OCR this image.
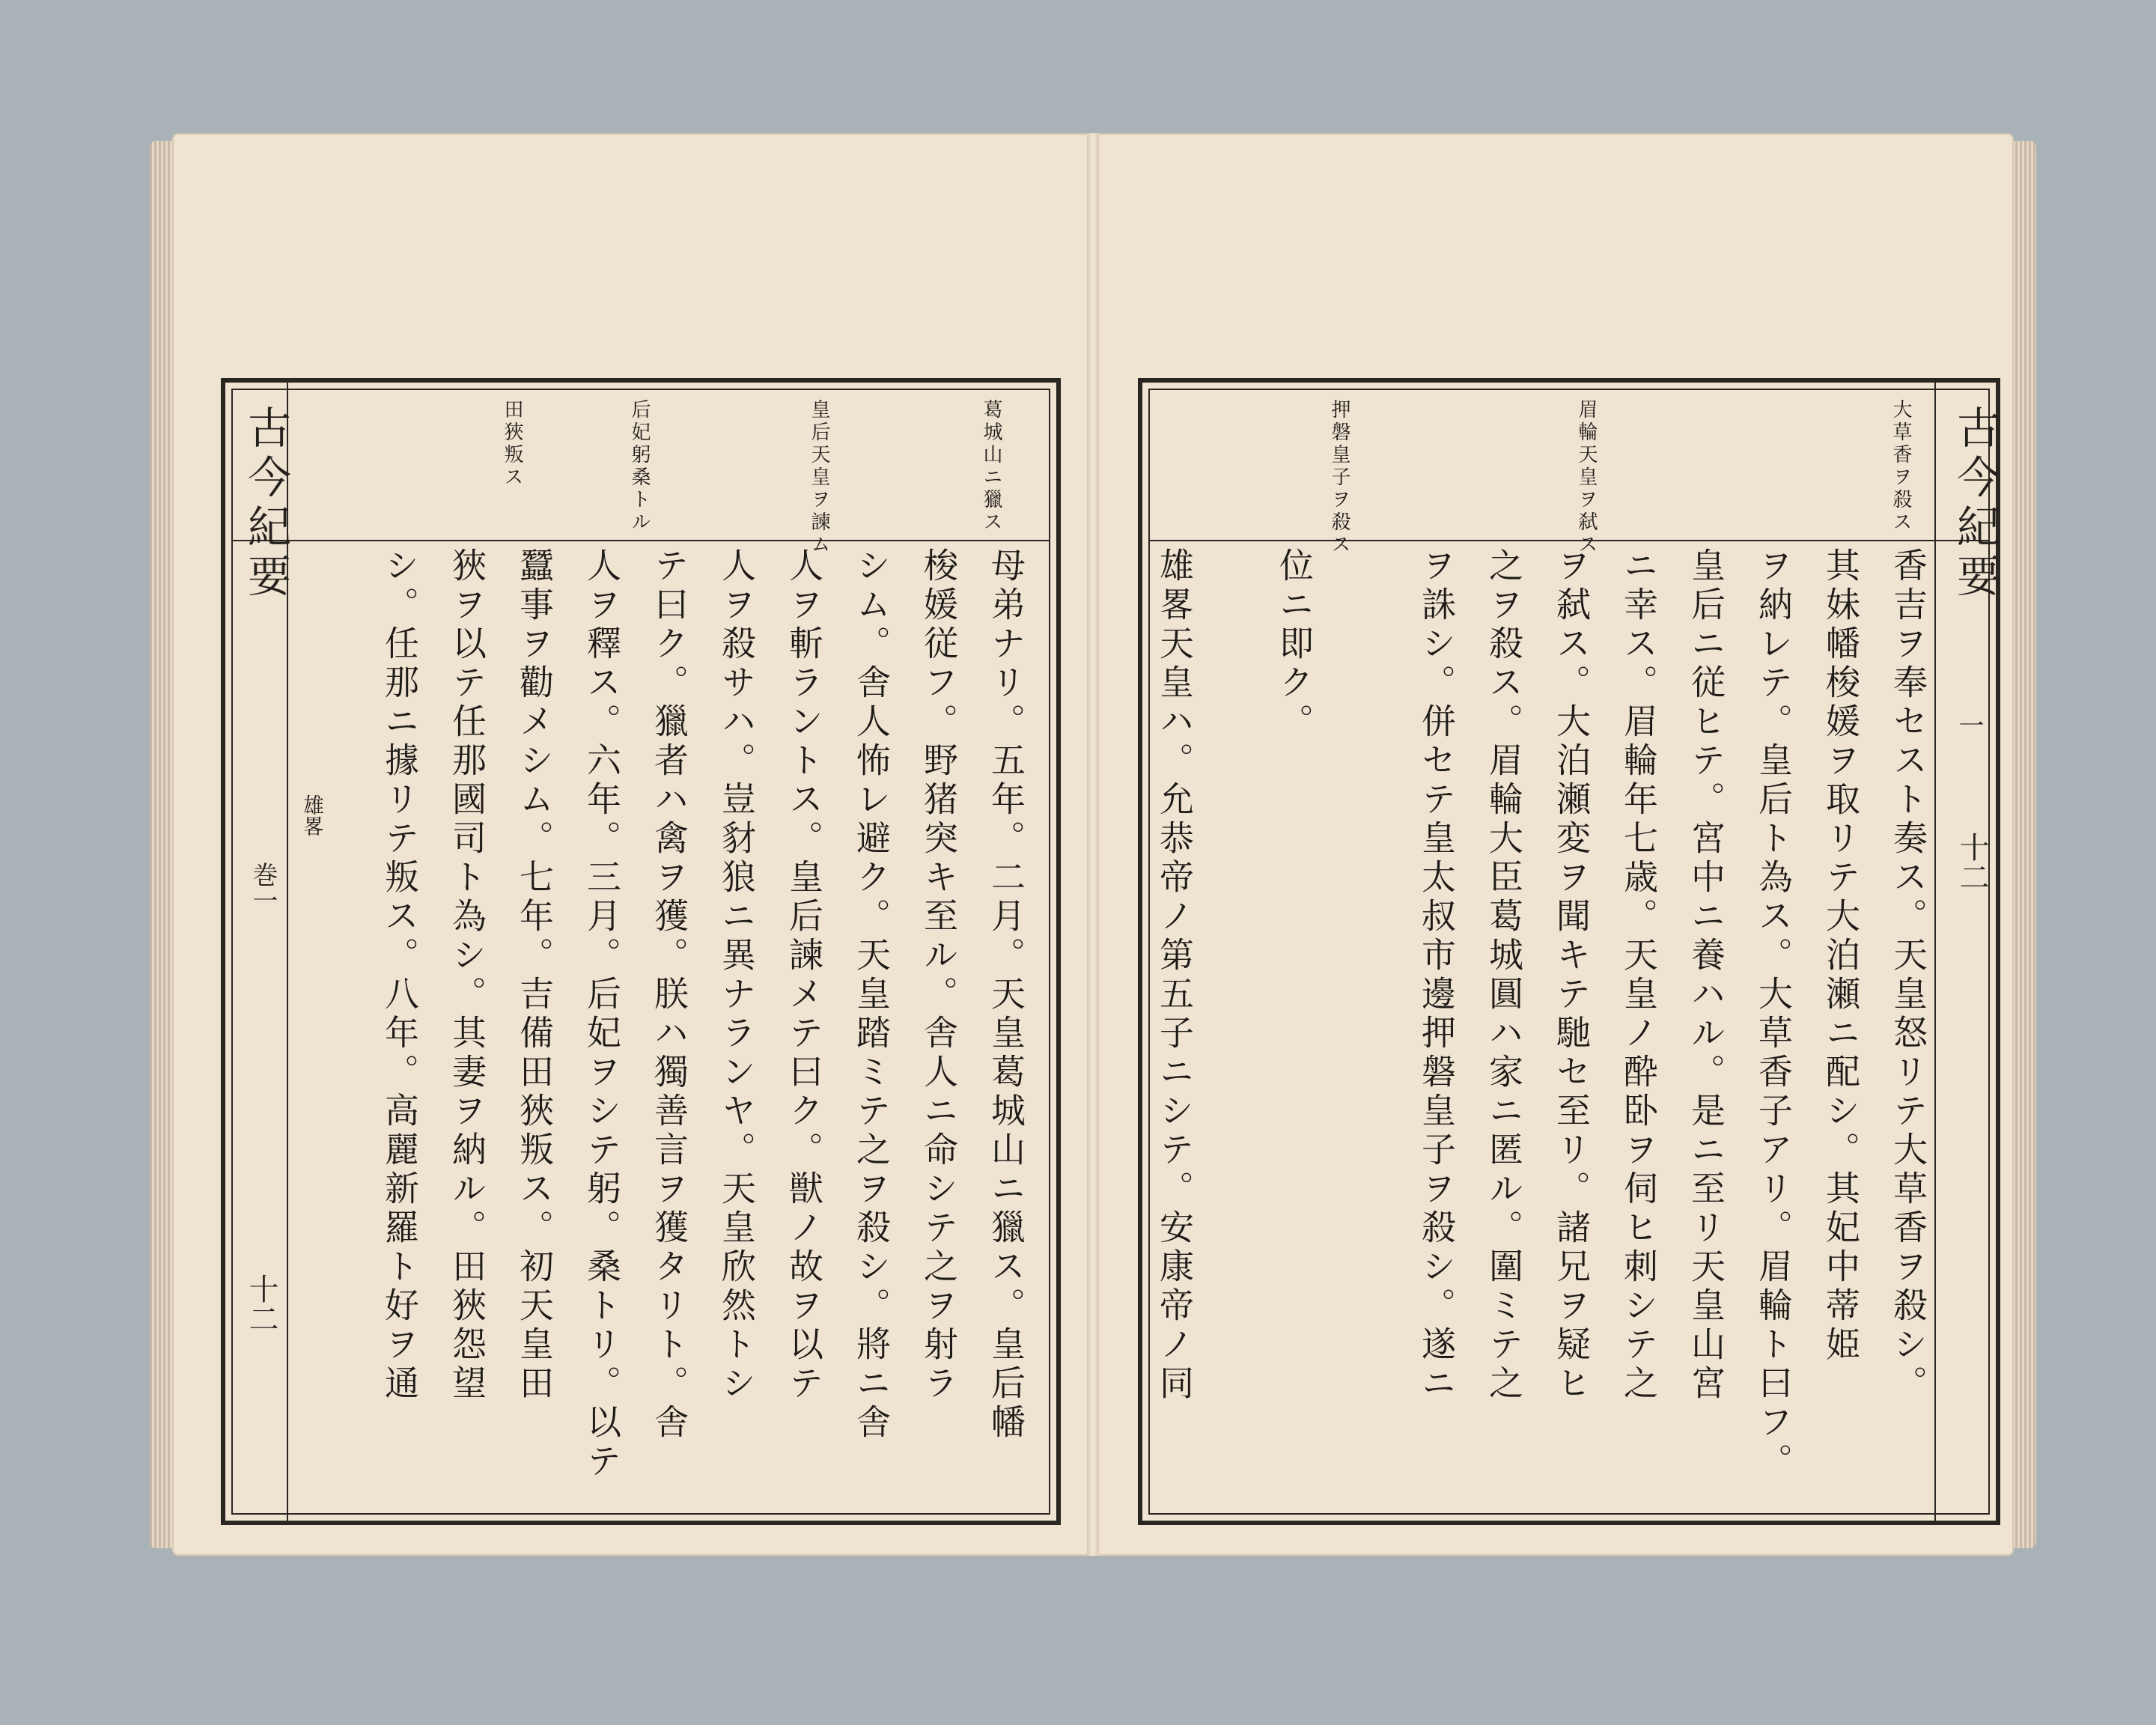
葛城山ニ獵ス
皇后天皇ヲ諫ム
后妃躬桑トル
田狹叛ス
母弟ナリ。五年。二月。天皇葛城山ニ獵ス。皇后幡
梭媛従フ。野猪突キ至ル。舎人ニ命シテ之ヲ射ラ
シム。舎人怖レ避ク。天皇踏ミテ之ヲ殺シ。將ニ舎
人ヲ斬ラントス。皇后諫メテ曰ク。獣ノ故ヲ以テ
人ヲ殺サハ。豈豺狼ニ異ナランヤ。天皇欣然トシ
テ曰ク。獵者ハ禽ヲ獲。朕ハ獨善言ヲ獲タリト。舎
人ヲ釋ス。六年。三月。后妃ヲシテ躬。桑トリ。以テ
蠶事ヲ勸メシム。七年。吉備田狹叛ス。初天皇田
狹ヲ以テ任那國司ト為シ。其妻ヲ納ル。田狹怨望
シ。任那ニ據リテ叛ス。八年。高麗新羅ト好ヲ通
古今紀要
巻一
雄畧
十二
大草香ヲ殺ス
眉輪天皇ヲ弑ス
押磐皇子ヲ殺ス
香吉ヲ奉セスト奏ス。天皇怒リテ大草香ヲ殺シ。
其妹幡梭媛ヲ取リテ大泊瀬ニ配シ。其妃中蒂姫
ヲ納レテ。皇后ト為ス。大草香子アリ。眉輪ト曰フ。
皇后ニ従ヒテ。宮中ニ養ハル。是ニ至リ天皇山宮
ニ幸ス。眉輪年七歳。天皇ノ酔卧ヲ伺ヒ刺シテ之
ヲ弑ス。大泊瀬変ヲ聞キテ馳セ至リ。諸兄ヲ疑ヒ
之ヲ殺ス。眉輪大臣葛城圓ハ家ニ匿ル。圍ミテ之
ヲ誅シ。併セテ皇太叔市邊押磐皇子ヲ殺シ。遂ニ
位ニ即ク。
雄畧天皇ハ。允恭帝ノ第五子ニシテ。安康帝ノ同
古今紀要
一
十二
